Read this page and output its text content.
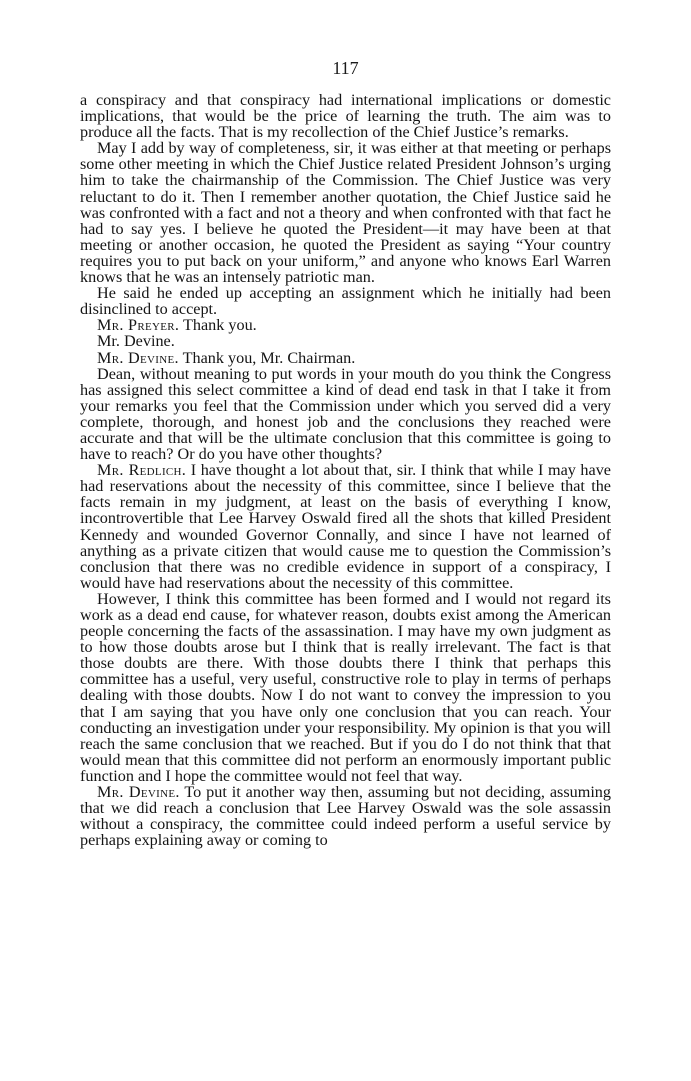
117

a conspiracy and that conspiracy had international implications or domestic implications, that would be the price of learning the truth. The aim was to produce all the facts. That is my recollection of the Chief Justice’s remarks.

May I add by way of completeness, sir, it was either at that meeting or perhaps some other meeting in which the Chief Justice related President Johnson’s urging him to take the chairmanship of the Commission. The Chief Justice was very reluctant to do it. Then I remember another quotation, the Chief Justice said he was confronted with a fact and not a theory and when confronted with that fact he had to say yes. I believe he quoted the President—it may have been at that meeting or another occasion, he quoted the President as saying “Your country requires you to put back on your uniform,” and anyone who knows Earl Warren knows that he was an intensely patriotic man.

He said he ended up accepting an assignment which he initially had been disinclined to accept.

Mr. Preyer. Thank you.

Mr. Devine.

Mr. Devine. Thank you, Mr. Chairman.

Dean, without meaning to put words in your mouth do you think the Congress has assigned this select committee a kind of dead end task in that I take it from your remarks you feel that the Commission under which you served did a very complete, thorough, and honest job and the conclusions they reached were accurate and that will be the ultimate conclusion that this committee is going to have to reach? Or do you have other thoughts?

Mr. Redlich. I have thought a lot about that, sir. I think that while I may have had reservations about the necessity of this committee, since I believe that the facts remain in my judgment, at least on the basis of everything I know, incontrovertible that Lee Harvey Oswald fired all the shots that killed President Kennedy and wounded Governor Connally, and since I have not learned of anything as a private citizen that would cause me to question the Commission’s conclusion that there was no credible evidence in support of a conspiracy, I would have had reservations about the necessity of this committee.

However, I think this committee has been formed and I would not regard its work as a dead end cause, for whatever reason, doubts exist among the American people concerning the facts of the assassination. I may have my own judgment as to how those doubts arose but I think that is really irrelevant. The fact is that those doubts are there. With those doubts there I think that perhaps this committee has a useful, very useful, constructive role to play in terms of perhaps dealing with those doubts. Now I do not want to convey the impression to you that I am saying that you have only one conclusion that you can reach. Your conducting an investigation under your responsibility. My opinion is that you will reach the same conclusion that we reached. But if you do I do not think that that would mean that this committee did not perform an enormously important public function and I hope the committee would not feel that way.

Mr. Devine. To put it another way then, assuming but not deciding, assuming that we did reach a conclusion that Lee Harvey Oswald was the sole assassin without a conspiracy, the committee could indeed perform a useful service by perhaps explaining away or coming to
